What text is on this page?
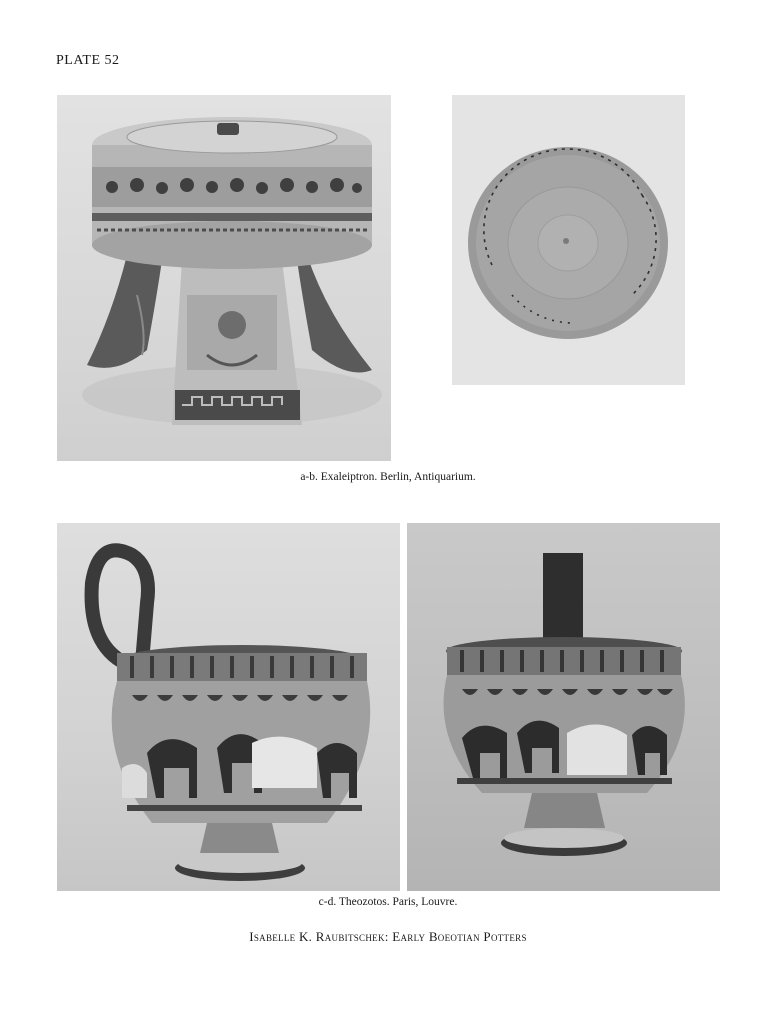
PLATE 52
a-b. Exaleiptron. Berlin, Antiquarium.
c-d. Theozotos. Paris, Louvre.
Isabelle K. Raubitschek: Early Boeotian Potters
